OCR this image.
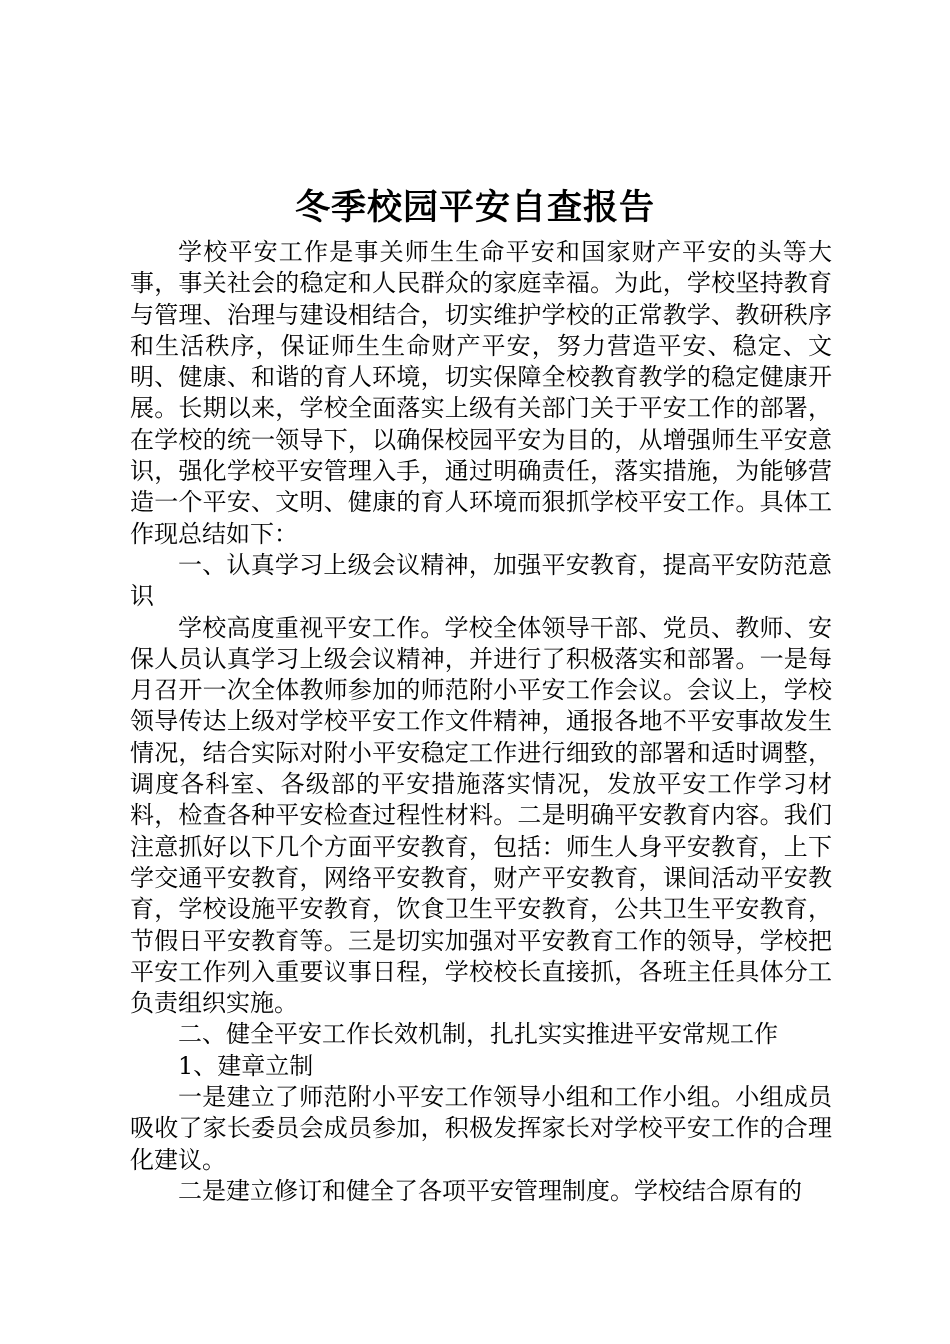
冬季校园平安自查报告

学校平安工作是事关师生生命平安和国家财产平安的头等大事，事关社会的稳定和人民群众的家庭幸福。为此，学校坚持教育与管理、治理与建设相结合，切实维护学校的正常教学、教研秩序和生活秩序，保证师生生命财产平安，努力营造平安、稳定、文明、健康、和谐的育人环境，切实保障全校教育教学的稳定健康开展。长期以来，学校全面落实上级有关部门关于平安工作的部署，在学校的统一领导下，以确保校园平安为目的，从增强师生平安意识，强化学校平安管理入手，通过明确责任，落实措施，为能够营造一个平安、文明、健康的育人环境而狠抓学校平安工作。具体工作现总结如下：

一、认真学习上级会议精神，加强平安教育，提高平安防范意识

学校高度重视平安工作。学校全体领导干部、党员、教师、安保人员认真学习上级会议精神，并进行了积极落实和部署。一是每月召开一次全体教师参加的师范附小平安工作会议。会议上，学校领导传达上级对学校平安工作文件精神，通报各地不平安事故发生情况，结合实际对附小平安稳定工作进行细致的部署和适时调整，调度各科室、各级部的平安措施落实情况，发放平安工作学习材料，检查各种平安检查过程性材料。二是明确平安教育内容。我们注意抓好以下几个方面平安教育，包括：师生人身平安教育，上下学交通平安教育，网络平安教育，财产平安教育，课间活动平安教育，学校设施平安教育，饮食卫生平安教育，公共卫生平安教育，节假日平安教育等。三是切实加强对平安教育工作的领导，学校把平安工作列入重要议事日程，学校校长直接抓，各班主任具体分工负责组织实施。

二、健全平安工作长效机制，扎扎实实推进平安常规工作

1、建章立制

一是建立了师范附小平安工作领导小组和工作小组。小组成员吸收了家长委员会成员参加，积极发挥家长对学校平安工作的合理化建议。

二是建立修订和健全了各项平安管理制度。学校结合原有的
